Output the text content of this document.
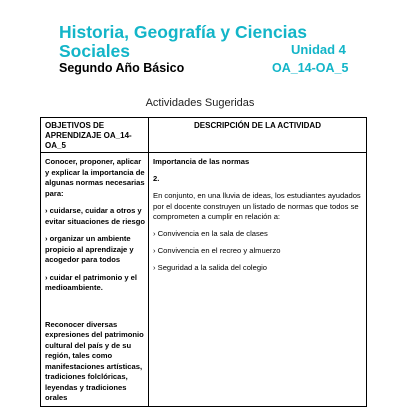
Historia, Geografía y Ciencias Sociales	Unidad 4
Segundo Año Básico	OA_14-OA_5
Actividades Sugeridas
OBJETIVOS DE APRENDIZAJE OA_14-OA_5
DESCRIPCIÓN DE LA ACTIVIDAD

Conocer, proponer, aplicar y explicar la importancia de algunas normas necesarias para:

› cuidarse, cuidar a otros y evitar situaciones de riesgo

› organizar un ambiente propicio al aprendizaje y acogedor para todos

› cuidar el patrimonio y el medioambiente.

Reconocer diversas expresiones del patrimonio cultural del país y de su región, tales como manifestaciones artísticas, tradiciones folclóricas, leyendas y tradiciones orales

Importancia de las normas

2.

En conjunto, en una lluvia de ideas, los estudiantes ayudados por el docente construyen un listado de normas que todos se comprometen a cumplir en relación a:

› Convivencia en la sala de clases

› Convivencia en el recreo y almuerzo

› Seguridad a la salida del colegio
